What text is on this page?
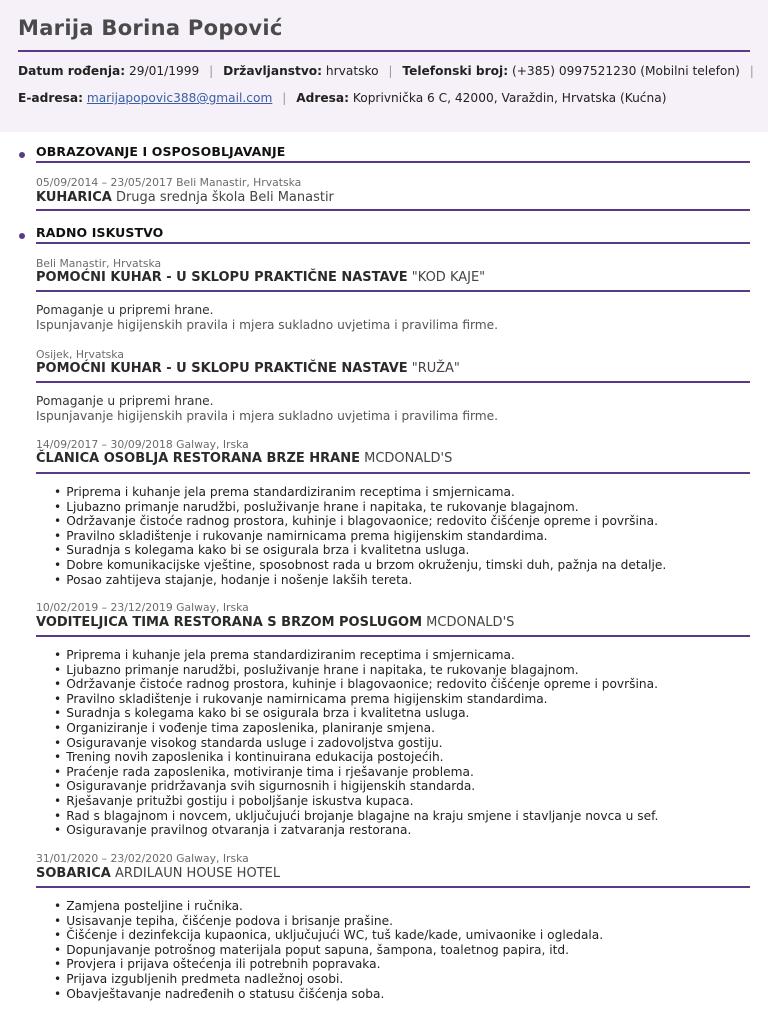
Marija Borina Popović
Datum rođenja: 29/01/1999 | Državljanstvo: hrvatsko | Telefonski broj: (+385) 0997521230 (Mobilni telefon) |
E-adresa: marijapopovic388@gmail.com | Adresa: Koprivnička 6 C, 42000, Varaždin, Hrvatska (Kućna)
OBRAZOVANJE I OSPOSOBLJAVANJE
05/09/2014 – 23/05/2017 Beli Manastir, Hrvatska
KUHARICA Druga srednja škola Beli Manastir
RADNO ISKUSTVO
Beli Manastir, Hrvatska
POMOĆNI KUHAR - U SKLOPU PRAKTIČNE NASTAVE "KOD KAJE"
Pomaganje u pripremi hrane.
Ispunjavanje higijenskih pravila i mjera sukladno uvjetima i pravilima firme.
Osijek, Hrvatska
POMOĆNI KUHAR - U SKLOPU PRAKTIČNE NASTAVE "RUŽA"
Pomaganje u pripremi hrane.
Ispunjavanje higijenskih pravila i mjera sukladno uvjetima i pravilima firme.
14/09/2017 – 30/09/2018 Galway, Irska
ČLANICA OSOBLJA RESTORANA BRZE HRANE MCDONALD'S
• Priprema i kuhanje jela prema standardiziranim receptima i smjernicama.
• Ljubazno primanje narudžbi, posluživanje hrane i napitaka, te rukovanje blagajnom.
• Održavanje čistoće radnog prostora, kuhinje i blagovaonice; redovito čišćenje opreme i površina.
• Pravilno skladištenje i rukovanje namirnicama prema higijenskim standardima.
• Suradnja s kolegama kako bi se osigurala brza i kvalitetna usluga.
• Dobre komunikacijske vještine, sposobnost rada u brzom okruženju, timski duh, pažnja na detalje.
• Posao zahtijeva stajanje, hodanje i nošenje lakših tereta.
10/02/2019 – 23/12/2019 Galway, Irska
VODITELJICA TIMA RESTORANA S BRZOM POSLUGOM MCDONALD'S
• Priprema i kuhanje jela prema standardiziranim receptima i smjernicama.
• Ljubazno primanje narudžbi, posluživanje hrane i napitaka, te rukovanje blagajnom.
• Održavanje čistoće radnog prostora, kuhinje i blagovaonice; redovito čišćenje opreme i površina.
• Pravilno skladištenje i rukovanje namirnicama prema higijenskim standardima.
• Suradnja s kolegama kako bi se osigurala brza i kvalitetna usluga.
• Organiziranje i vođenje tima zaposlenika, planiranje smjena.
• Osiguravanje visokog standarda usluge i zadovoljstva gostiju.
• Trening novih zaposlenika i kontinuirana edukacija postojećih.
• Praćenje rada zaposlenika, motiviranje tima i rješavanje problema.
• Osiguravanje pridržavanja svih sigurnosnih i higijenskih standarda.
• Rješavanje pritužbi gostiju i poboljšanje iskustva kupaca.
• Rad s blagajnom i novcem, uključujući brojanje blagajne na kraju smjene i stavljanje novca u sef.
• Osiguravanje pravilnog otvaranja i zatvaranja restorana.
31/01/2020 – 23/02/2020 Galway, Irska
SOBARICA ARDILAUN HOUSE HOTEL
• Zamjena posteljine i ručnika.
• Usisavanje tepiha, čišćenje podova i brisanje prašine.
• Čišćenje i dezinfekcija kupaonica, uključujući WC, tuš kade/kade, umivaonike i ogledala.
• Dopunjavanje potrošnog materijala poput sapuna, šampona, toaletnog papira, itd.
• Provjera i prijava oštećenja ili potrebnih popravaka.
• Prijava izgubljenih predmeta nadležnoj osobi.
• Obavještavanje nadređenih o statusu čišćenja soba.
